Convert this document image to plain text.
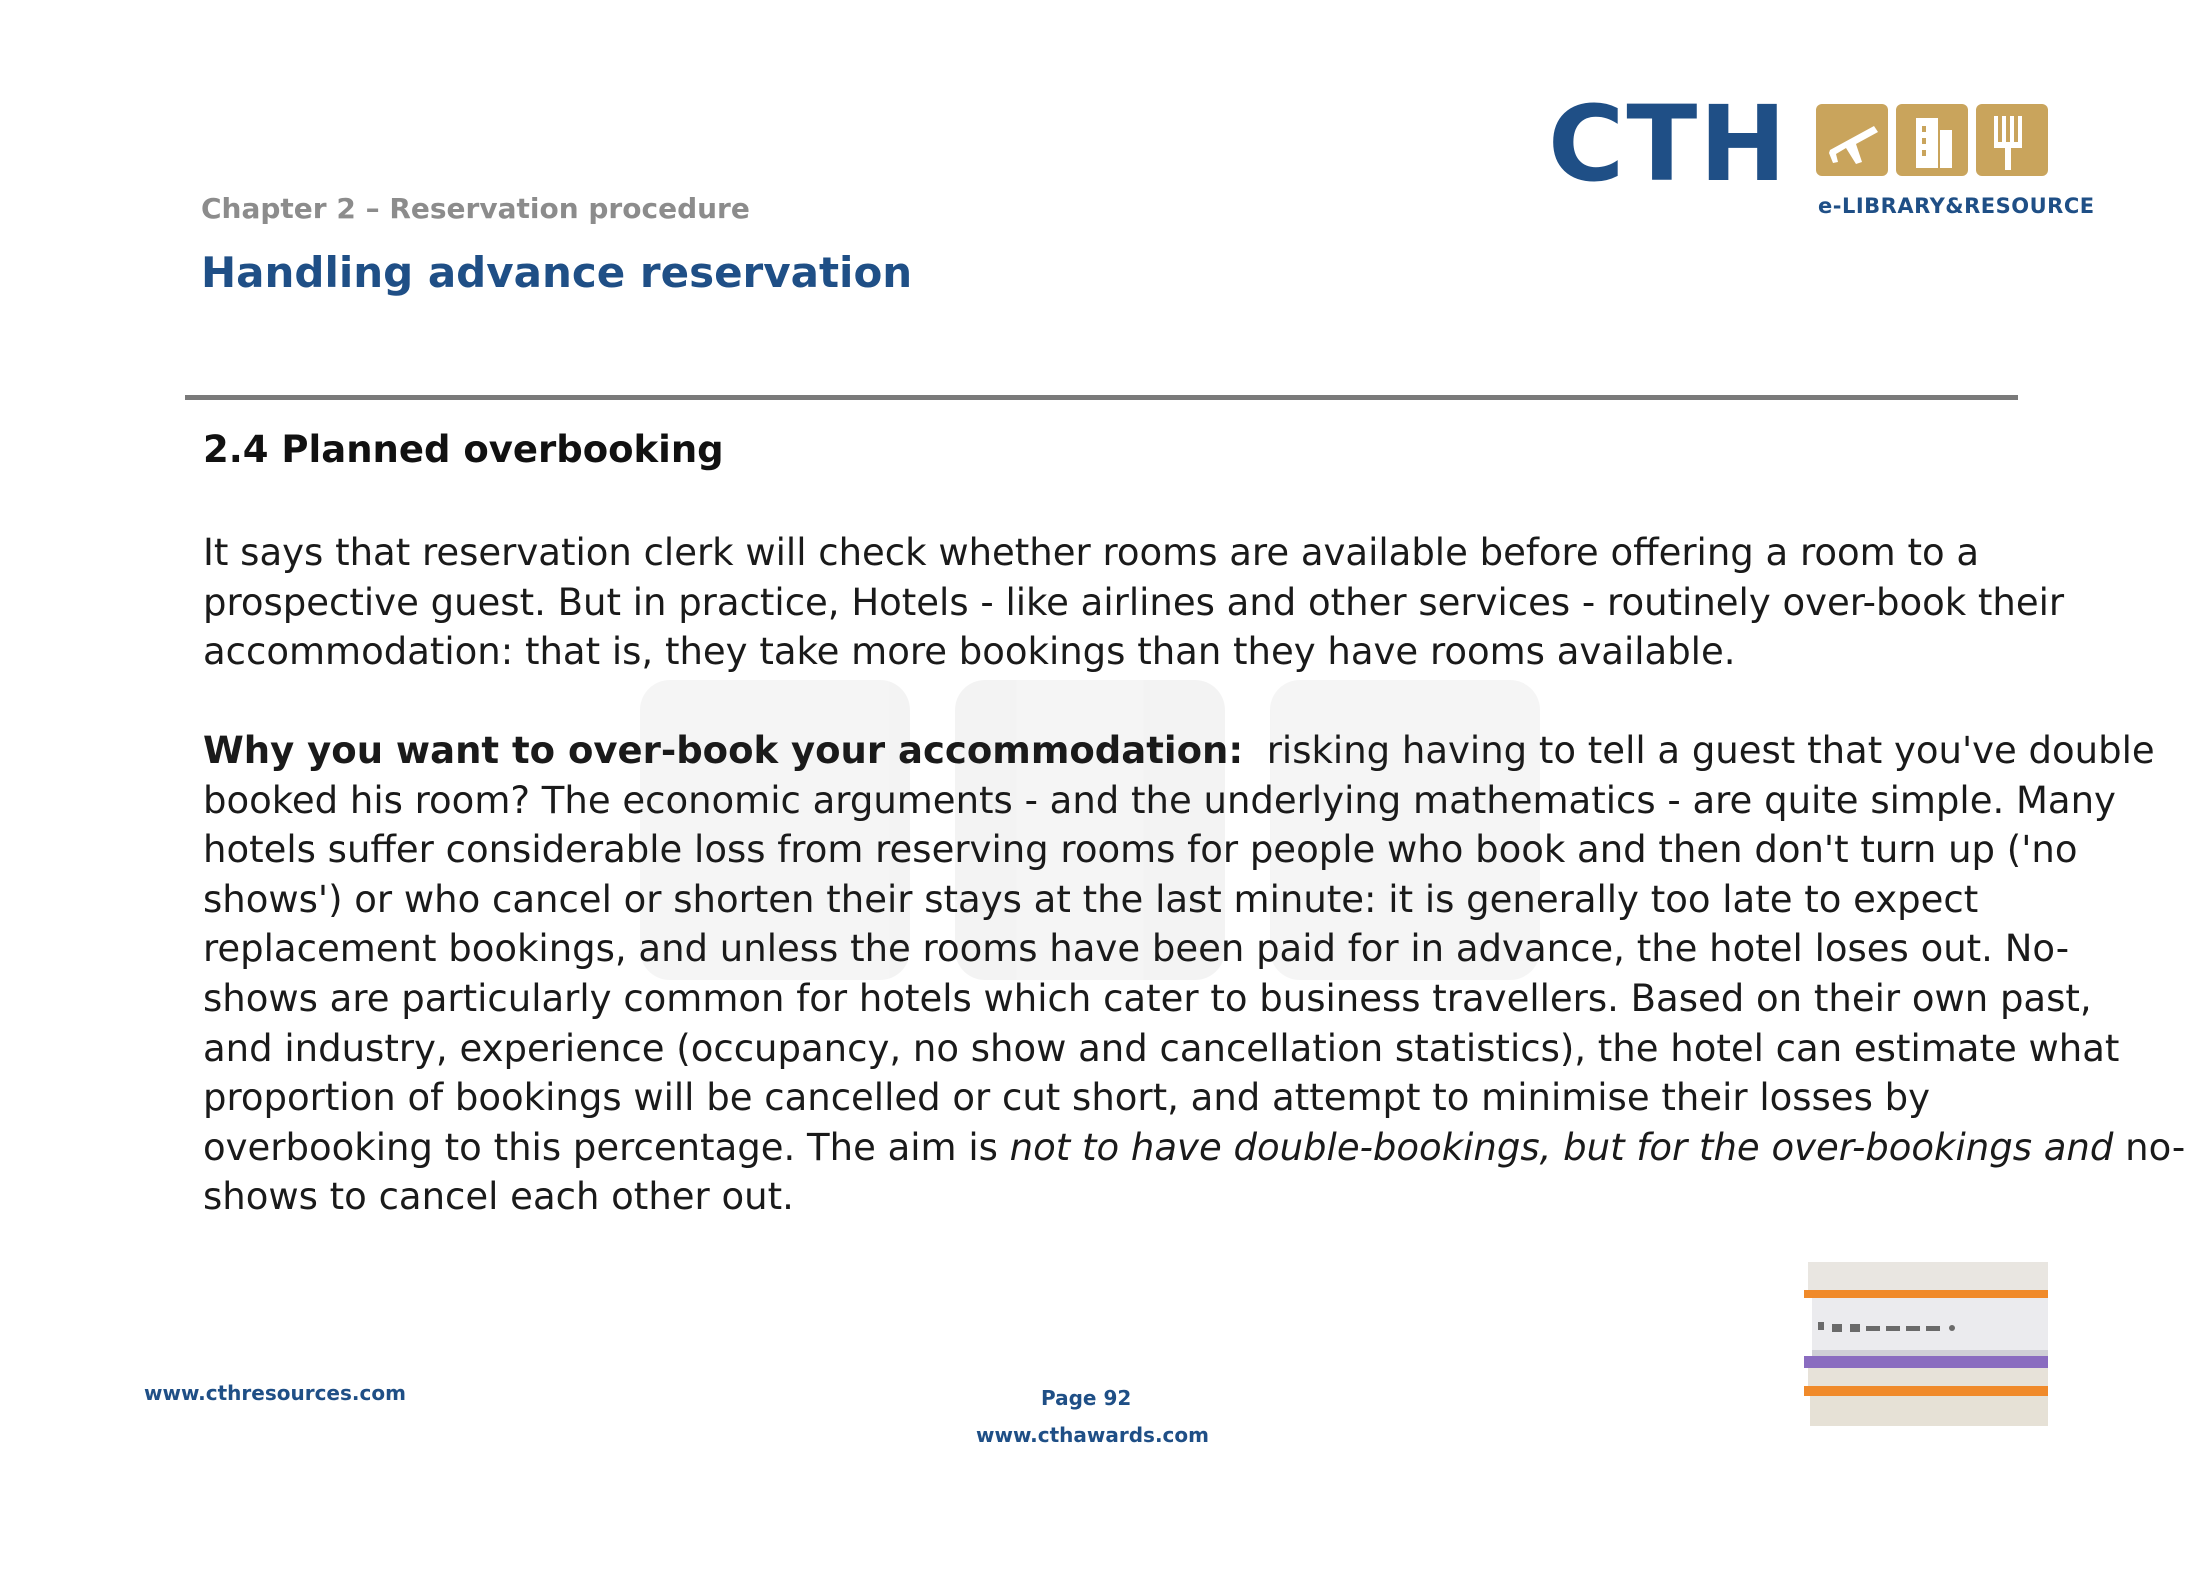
Chapter 2 – Reservation procedure
Handling advance reservation
CTH
e-LIBRARY&RESOURCE
2.4 Planned overbooking
It says that reservation clerk will check whether rooms are available before offering a room to a
prospective guest. But in practice, Hotels - like airlines and other services - routinely over-book their
accommodation: that is, they take more bookings than they have rooms available.
Why you want to over-book your accommodation: risking having to tell a guest that you've double
booked his room? The economic arguments - and the underlying mathematics - are quite simple. Many
hotels suffer considerable loss from reserving rooms for people who book and then don't turn up ('no
shows') or who cancel or shorten their stays at the last minute: it is generally too late to expect
replacement bookings, and unless the rooms have been paid for in advance, the hotel loses out. No-
shows are particularly common for hotels which cater to business travellers. Based on their own past,
and industry, experience (occupancy, no show and cancellation statistics), the hotel can estimate what
proportion of bookings will be cancelled or cut short, and attempt to minimise their losses by
overbooking to this percentage. The aim is not to have double-bookings, but for the over-bookings and no-
shows to cancel each other out.
www.cthresources.com	Page 92
www.cthawards.com
